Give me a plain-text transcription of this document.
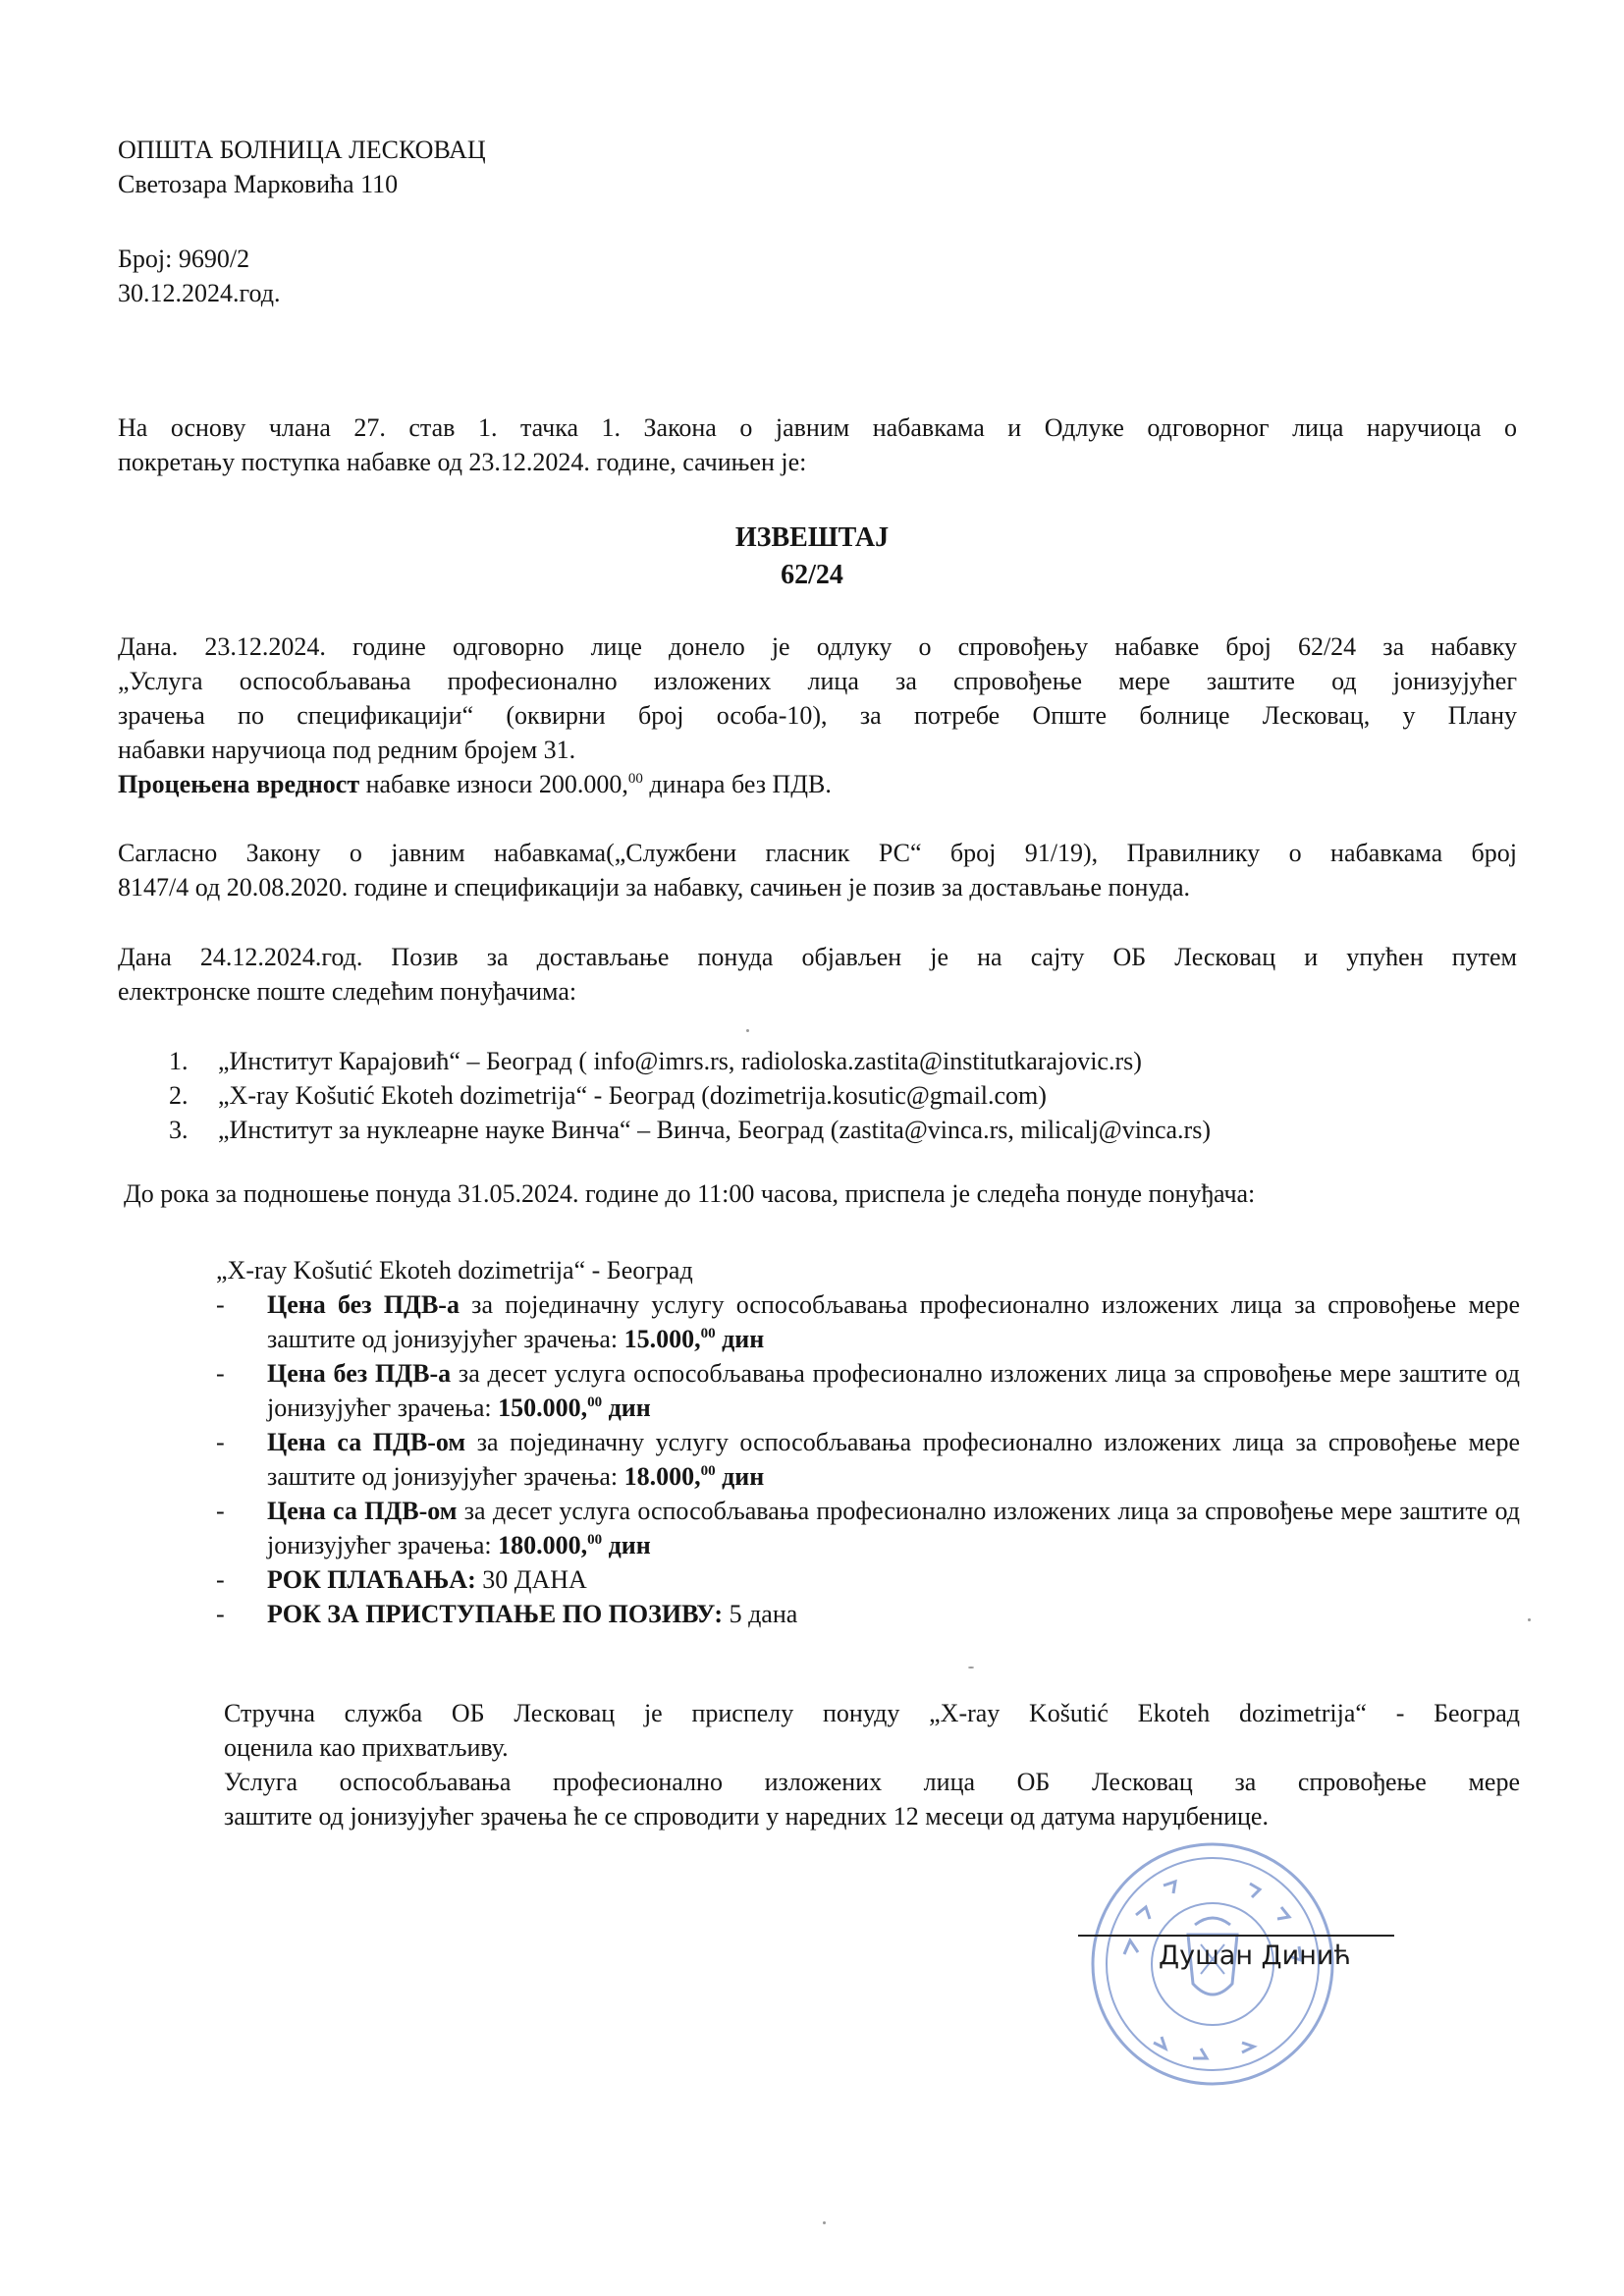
ОПШТА БОЛНИЦА ЛЕСКОВАЦ
Светозара Марковића 110
Број: 9690/2
30.12.2024.год.
На основу члана 27. став 1. тачка 1. Закона о јавним набавкама и Одлуке одговорног лица наручиоца о
покретању поступка набавке од 23.12.2024. године, сачињен је:
ИЗВЕШТАЈ
62/24
Дана. 23.12.2024. године одговорно лице донело је одлуку о спровођењу набавке број 62/24 за набавку
„Услуга оспособљавања професионално изложених лица за спровођење мере заштите од јонизујућег
зрачења по спецификацији“ (оквирни број особа-10), за потребе Опште болнице Лесковац, у Плану
набавки наручиоца под редним бројем 31.
Процењена вредност набавке износи 200.000,00 динара без ПДВ.
Сагласно Закону о јавним набавкама(„Службени гласник РС“ број 91/19), Правилнику о набавкама број
8147/4 од 20.08.2020. године и спецификацији за набавку, сачињен је позив за достављање понуда.
Дана 24.12.2024.год. Позив за достављање понуда објављен је на сајту ОБ Лесковац и упућен путем
електронске поште следећим понуђачима:
1. „Институт Карајовић“ – Београд ( info@imrs.rs, radioloska.zastita@institutkarajovic.rs)
2. „X-ray Košutić Ekoteh dozimetrija“ - Београд (dozimetrija.kosutic@gmail.com)
3. „Институт за нуклеарне науке Винча“ – Винча, Београд (zastita@vinca.rs, milicalj@vinca.rs)
До рока за подношење понуда 31.05.2024. године до 11:00 часова, приспела је следећа понуде понуђача:
„X-ray Košutić Ekoteh dozimetrija“ - Београд
- Цена без ПДВ-а за појединачну услугу оспособљавања професионално изложених лица за спровођење мере заштите од јонизујућег зрачења: 15.000,00 дин
- Цена без ПДВ-а за десет услуга оспособљавања професионално изложених лица за спровођење мере заштите од јонизујућег зрачења: 150.000,00 дин
- Цена са ПДВ-ом за појединачну услугу оспособљавања професионално изложених лица за спровођење мере заштите од јонизујућег зрачења: 18.000,00 дин
- Цена са ПДВ-ом за десет услуга оспособљавања професионално изложених лица за спровођење мере заштите од јонизујућег зрачења: 180.000,00 дин
- РОК ПЛАЋАЊА: 30 ДАНА
- РОК ЗА ПРИСТУПАЊЕ ПО ПОЗИВУ: 5 дана
Стручна служба ОБ Лесковац је приспелу понуду „X-ray Košutić Ekoteh dozimetrija“ - Београд
оценила као прихватљиву.
Услуга оспособљавања професионално изложених лица ОБ Лесковац за спровођење мере
заштите од јонизујућег зрачења ће се спроводити у наредних 12 месеци од датума наруџбенице.
Душан Динић
